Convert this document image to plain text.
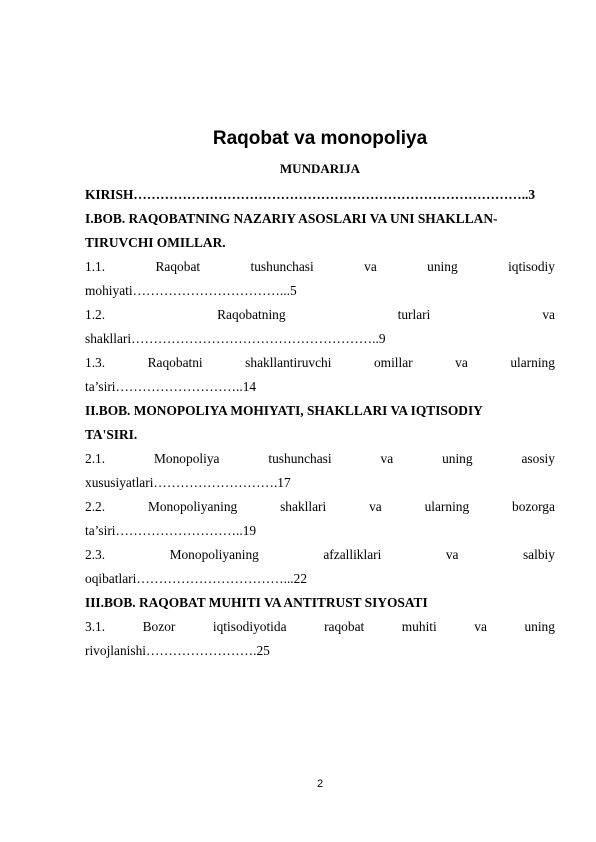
Raqobat va monopoliya
MUNDARIJA
KIRISH……………………………………………………………………………..3
I.BOB. RAQOBATNING NAZARIY ASOSLARI VA UNI SHAKLLAN-
TIRUVCHI OMILLAR.
1.1.	Raqobat	tushunchasi	va	uning	iqtisodiy
mohiyati……………………………...5
1.2.	Raqobatning	turlari	va
shakllari………………………………………………..9
1.3.	Raqobatni	shakllantiruvchi	omillar	va	ularning
ta’siri………………………..14
II.BOB. MONOPOLIYA MOHIYATI, SHAKLLARI VA IQTISODIY
TA'SIRI.
2.1.	Monopoliya	tushunchasi	va	uning	asosiy
xususiyatlari……………………….17
2.2.	Monopoliyaning	shakllari	va	ularning	bozorga
ta’siri………………………..19
2.3.	Monopoliyaning	afzalliklari	va	salbiy
oqibatlari……………………………...22
III.BOB. RAQOBAT MUHITI VA ANTITRUST SIYOSATI
3.1.	Bozor	iqtisodiyotida	raqobat	muhiti	va	uning
rivojlanishi…………………….25
2
